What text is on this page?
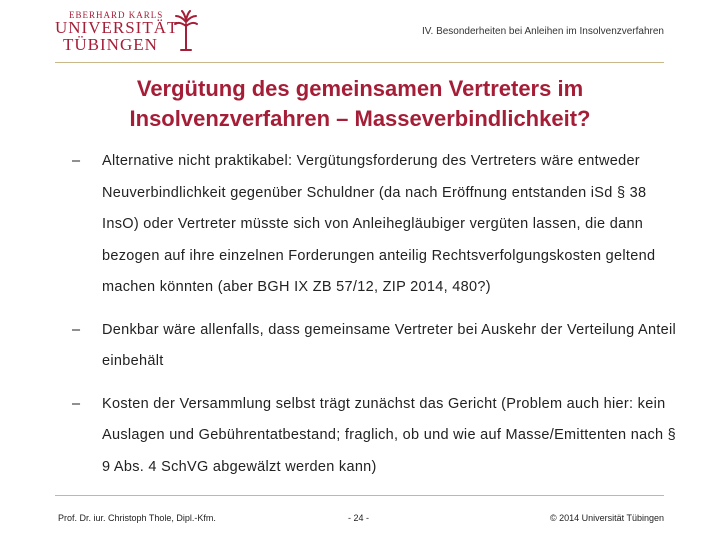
EBERHARD KARLS
UNIVERSITÄT
TÜBINGEN
IV. Besonderheiten bei Anleihen im Insolvenzverfahren
Vergütung des gemeinsamen Vertreters im Insolvenzverfahren – Masseverbindlichkeit?
– Alternative nicht praktikabel: Vergütungsforderung des Vertreters wäre entweder Neuverbindlichkeit gegenüber Schuldner (da nach Eröffnung entstanden iSd § 38 InsO) oder Vertreter müsste sich von Anleihegläubiger vergüten lassen, die dann bezogen auf ihre einzelnen Forderungen anteilig Rechtsverfolgungskosten geltend machen könnten (aber BGH IX ZB 57/12, ZIP 2014, 480?)
– Denkbar wäre allenfalls, dass gemeinsame Vertreter bei Auskehr der Verteilung Anteil einbehält
– Kosten der Versammlung selbst trägt zunächst das Gericht (Problem auch hier: kein Auslagen und Gebührentatbestand; fraglich, ob und wie auf Masse/Emittenten nach § 9 Abs. 4 SchVG abgewälzt werden kann)
Prof. Dr. iur. Christoph Thole, Dipl.-Kfm.	- 24 -	© 2014 Universität Tübingen
